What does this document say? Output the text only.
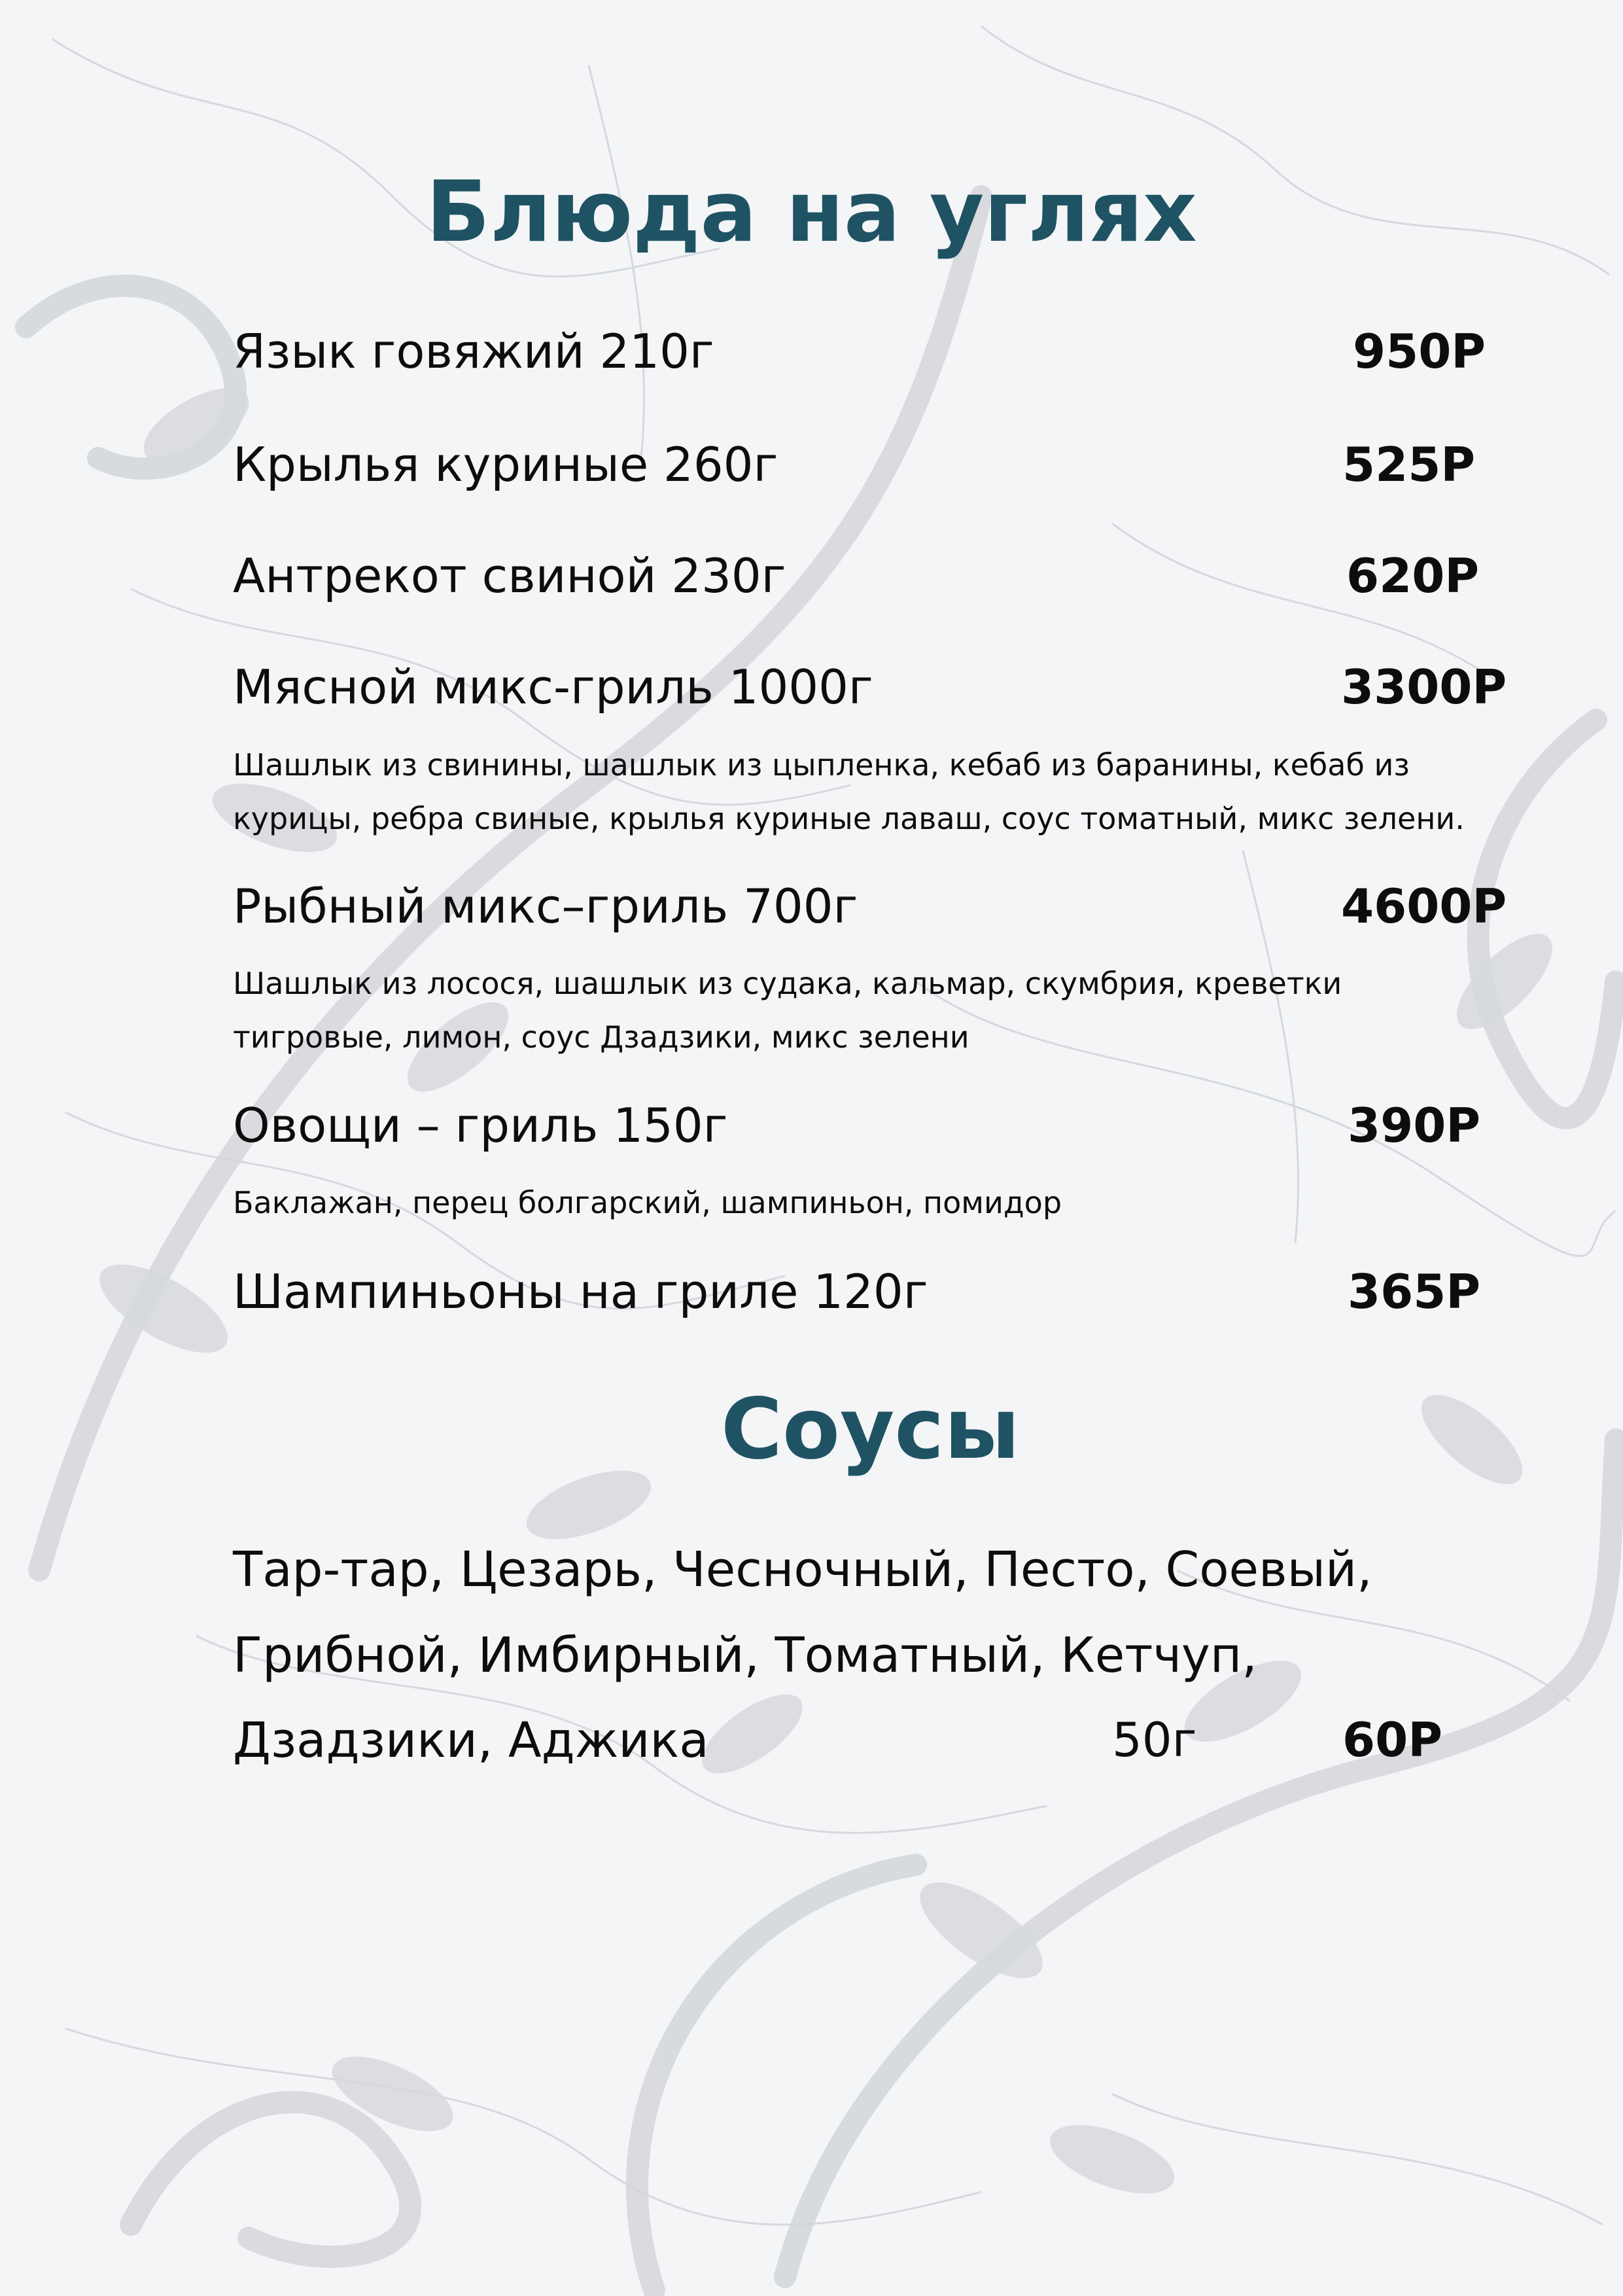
Блюда на углях
Язык говяжий 210г	950Р
Крылья куриные 260г	525Р
Антрекот свиной 230г	620Р
Мясной микс-гриль 1000г	3300Р
Шашлык из свинины, шашлык из цыпленка, кебаб из баранины, кебаб из курицы, ребра свиные, крылья куриные лаваш, соус томатный, микс зелени.
Рыбный микс–гриль 700г	4600Р
Шашлык из лосося, шашлык из судака, кальмар, скумбрия, креветки тигровые, лимон, соус Дзадзики, микс зелени
Овощи – гриль 150г	390Р
Баклажан, перец болгарский, шампиньон, помидор
Шампиньоны на гриле 120г	365Р
Соусы
Тар-тар, Цезарь, Чесночный, Песто, Соевый,
Грибной, Имбирный, Томатный, Кетчуп,
Дзадзики, Аджика	50г	60Р
